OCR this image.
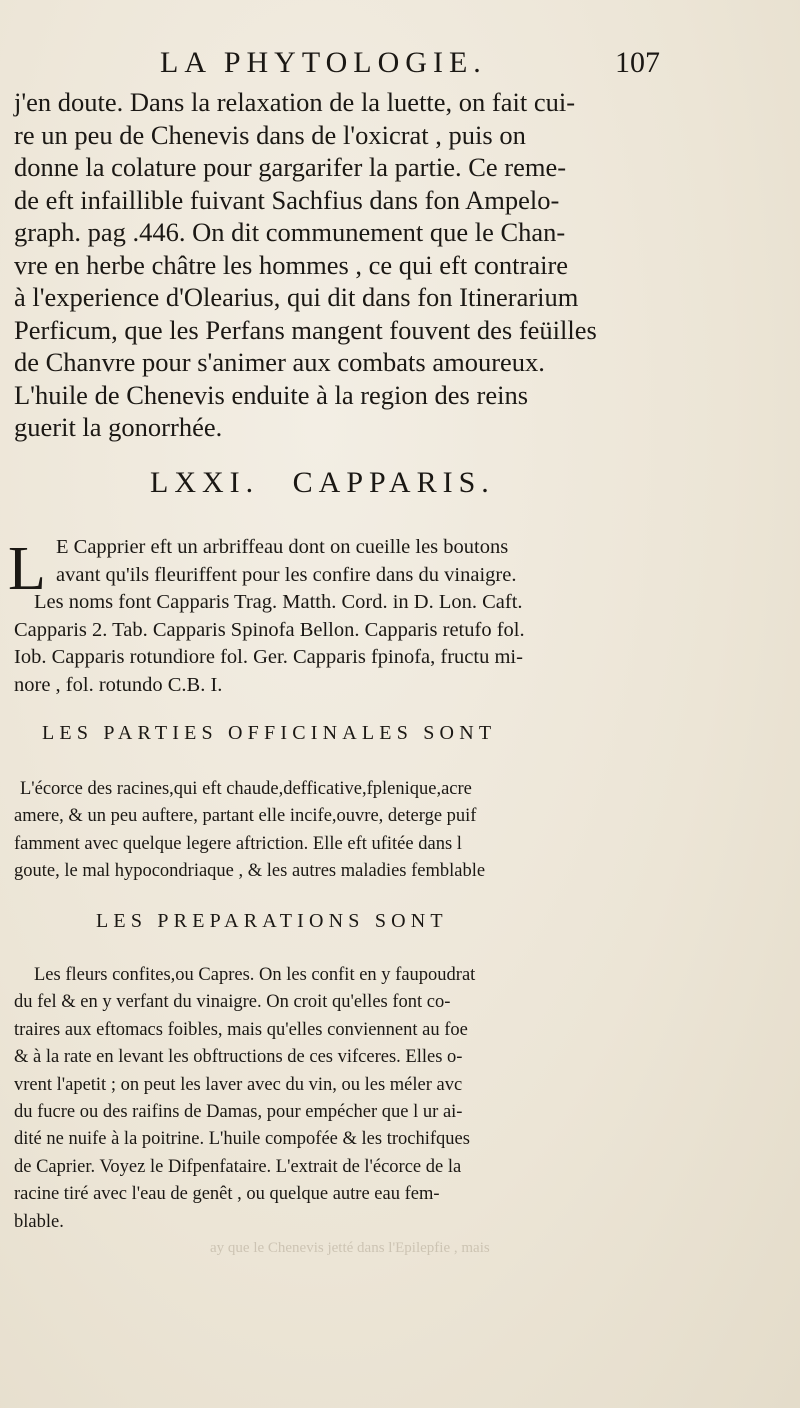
LA PHYTOLOGIE.	107
j'en doute. Dans la relaxation de la luette, on fait cui-
re un peu de Chenevis dans de l'oxicrat , puis on
donne la colature pour gargarifer la partie. Ce reme-
de eft infaillible fuivant Sachfius dans fon Ampelo-
graph. pag .446. On dit communement que le Chan-
vre en herbe châtre les hommes , ce qui eft contraire
à l'experience d'Olearius, qui dit dans fon Itinerarium
Perficum, que les Perfans mangent fouvent des feüilles
de Chanvre pour s'animer aux combats amoureux.
L'huile de Chenevis enduite à la region des reins
guerit la gonorrhée.
LXXI. CAPPARIS.
L E Capprier eft un arbriffeau dont on cueille les boutons
avant qu'ils fleuriffent pour les confire dans du vinaigre.
Les noms font Capparis Trag. Matth. Cord. in D. Lon. Caft.
Capparis 2. Tab. Capparis Spinofa Bellon. Capparis retufo fol.
Iob. Capparis rotundiore fol. Ger. Capparis fpinofa, fructu mi-
nore , fol. rotundo C.B. I.
LES PARTIES OFFICINALES SONT
L'écorce des racines,qui eft chaude,defficative,fplenique,acre
amere, & un peu auftere, partant elle incife,ouvre, deterge puif
famment avec quelque legere aftriction. Elle eft ufitée dans l
goute, le mal hypocondriaque , & les autres maladies femblable
LES PREPARATIONS SONT
Les fleurs confites,ou Capres. On les confit en y faupoudrat
du fel & en y verfant du vinaigre. On croit qu'elles font co-
traires aux eftomacs foibles, mais qu'elles conviennent au foe
& à la rate en levant les obftructions de ces vifceres. Elles o-
vrent l'apetit ; on peut les laver avec du vin, ou les méler avc
du fucre ou des raifins de Damas, pour empécher que l ur ai-
dité ne nuife à la poitrine. L'huile compofée & les trochifques
de Caprier. Voyez le Difpenfataire. L'extrait de l'écorce de la
racine tiré avec l'eau de genêt , ou quelque autre eau fem-
blable.
ay que le Chenevis jetté dans l'Epilepfie , mais
